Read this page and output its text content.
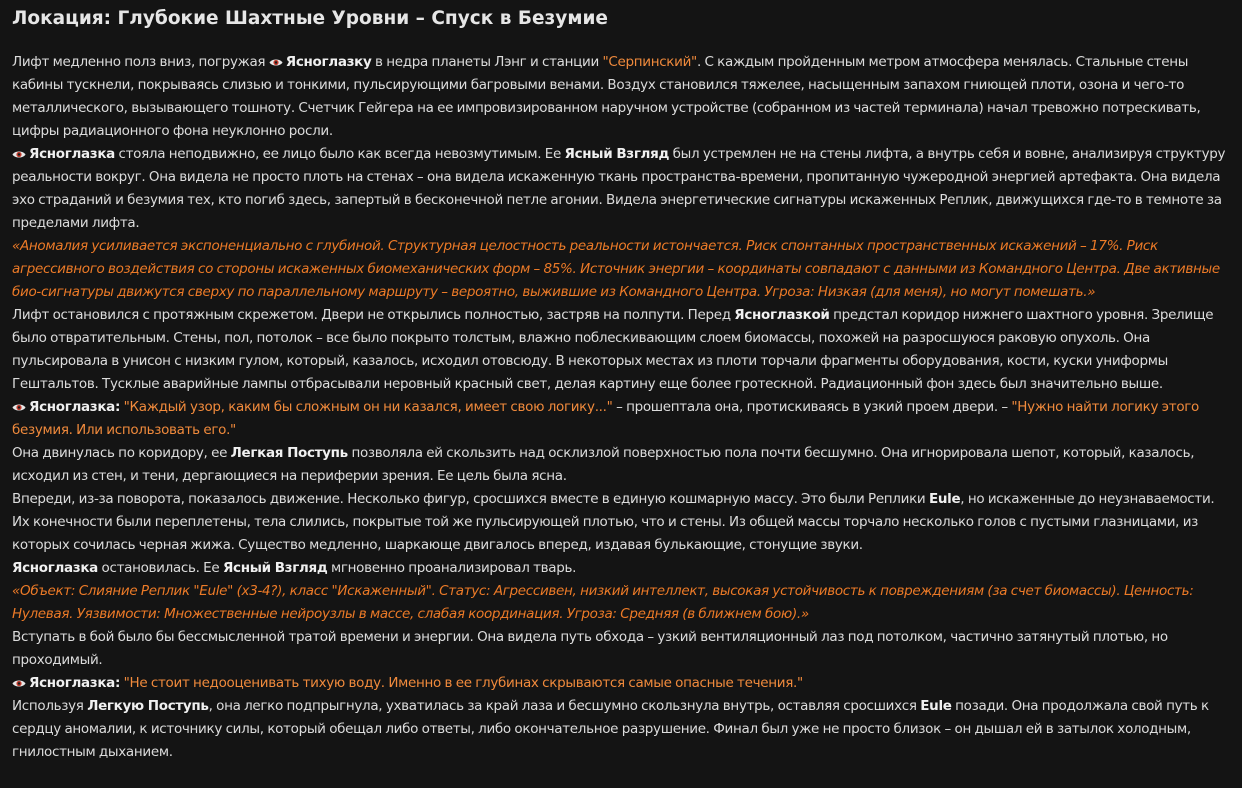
Локация: Глубокие Шахтные Уровни – Спуск в Безумие

Лифт медленно полз вниз, погружая
Ясноглазку в недра планеты Лэнг и станции "Серпинский". С каждым пройденным метром атмосфера менялась. Стальные стены кабины тускнели, покрываясь слизью и тонкими, пульсирующими багровыми венами. Воздух становился тяжелее, насыщенным запахом гниющей плоти, озона и чего-то металлического, вызывающего тошноту. Счетчик Гейгера на ее импровизированном наручном устройстве (собранном из частей терминала) начал тревожно потрескивать, цифры радиационного фона неуклонно росли.

Ясноглазка стояла неподвижно, ее лицо было как всегда невозмутимым. Ее Ясный Взгляд был устремлен не на стены лифта, а внутрь себя и вовне, анализируя структуру реальности вокруг. Она видела не просто плоть на стенах – она видела искаженную ткань пространства-времени, пропитанную чужеродной энергией артефакта. Она видела эхо страданий и безумия тех, кто погиб здесь, запертый в бесконечной петле агонии. Видела энергетические сигнатуры искаженных Реплик, движущихся где-то в темноте за пределами лифта.

«Аномалия усиливается экспоненциально с глубиной. Структурная целостность реальности истончается. Риск спонтанных пространственных искажений – 17%. Риск агрессивного воздействия со стороны искаженных биомеханических форм – 85%. Источник энергии – координаты совпадают с данными из Командного Центра. Две активные био-сигнатуры движутся сверху по параллельному маршруту – вероятно, выжившие из Командного Центра. Угроза: Низкая (для меня), но могут помешать.»

Лифт остановился с протяжным скрежетом. Двери не открылись полностью, застряв на полпути. Перед Ясноглазкой предстал коридор нижнего шахтного уровня. Зрелище было отвратительным. Стены, пол, потолок – все было покрыто толстым, влажно поблескивающим слоем биомассы, похожей на разросшуюся раковую опухоль. Она пульсировала в унисон с низким гулом, который, казалось, исходил отовсюду. В некоторых местах из плоти торчали фрагменты оборудования, кости, куски униформы Гештальтов. Тусклые аварийные лампы отбрасывали неровный красный свет, делая картину еще более гротескной. Радиационный фон здесь был значительно выше.

Ясноглазка: "Каждый узор, каким бы сложным он ни казался, имеет свою логику..." – прошептала она, протискиваясь в узкий проем двери. – "Нужно найти логику этого безумия. Или использовать его."

Она двинулась по коридору, ее Легкая Поступь позволяла ей скользить над осклизлой поверхностью пола почти бесшумно. Она игнорировала шепот, который, казалось, исходил из стен, и тени, дергающиеся на периферии зрения. Ее цель была ясна.

Впереди, из-за поворота, показалось движение. Несколько фигур, сросшихся вместе в единую кошмарную массу. Это были Реплики Eule, но искаженные до неузнаваемости. Их конечности были переплетены, тела слились, покрытые той же пульсирующей плотью, что и стены. Из общей массы торчало несколько голов с пустыми глазницами, из которых сочилась черная жижа. Существо медленно, шаркающе двигалось вперед, издавая булькающие, стонущие звуки.

Ясноглазка остановилась. Ее Ясный Взгляд мгновенно проанализировал тварь.

«Объект: Слияние Реплик "Eule" (x3-4?), класс "Искаженный". Статус: Агрессивен, низкий интеллект, высокая устойчивость к повреждениям (за счет биомассы). Ценность: Нулевая. Уязвимости: Множественные нейроузлы в массе, слабая координация. Угроза: Средняя (в ближнем бою).»

Вступать в бой было бы бессмысленной тратой времени и энергии. Она видела путь обхода – узкий вентиляционный лаз под потолком, частично затянутый плотью, но проходимый.

Ясноглазка: "Не стоит недооценивать тихую воду. Именно в ее глубинах скрываются самые опасные течения."

Используя Легкую Поступь, она легко подпрыгнула, ухватилась за край лаза и бесшумно скользнула внутрь, оставляя сросшихся Eule позади. Она продолжала свой путь к сердцу аномалии, к источнику силы, который обещал либо ответы, либо окончательное разрушение. Финал был уже не просто близок – он дышал ей в затылок холодным, гнилостным дыханием.
